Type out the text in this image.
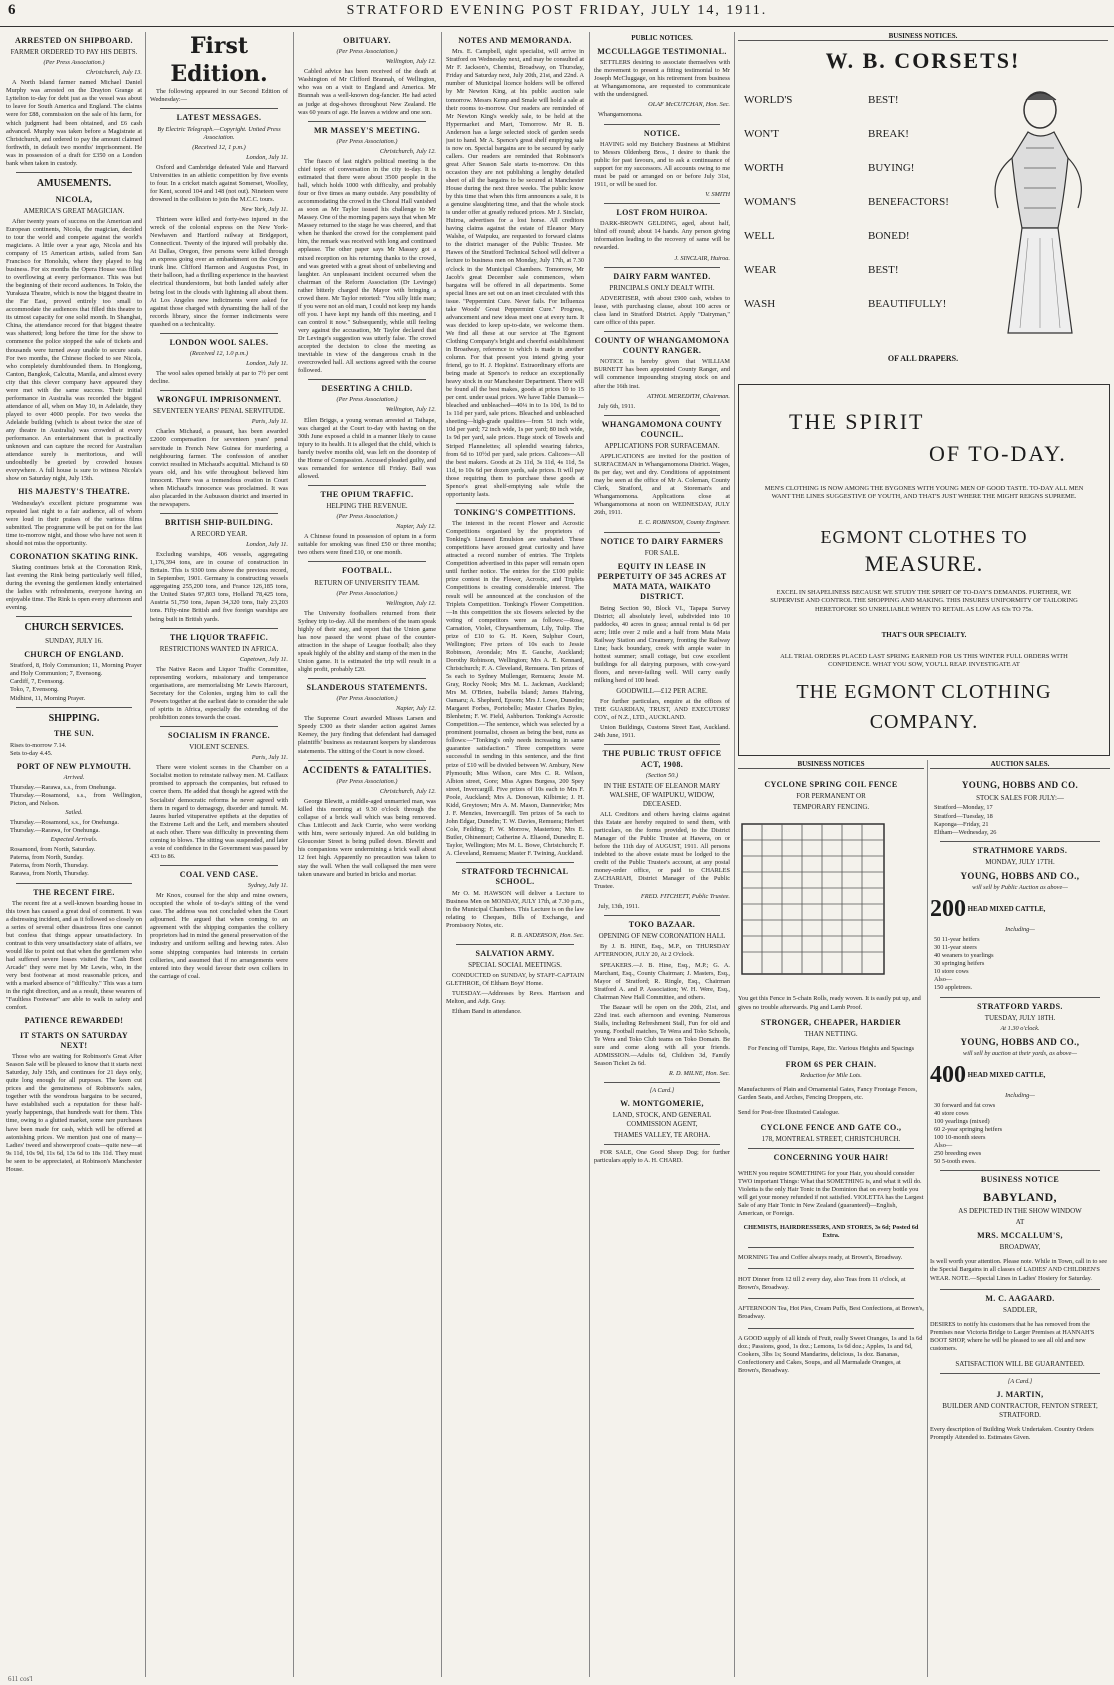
6	STRATFORD EVENING POST FRIDAY, JULY 14, 1911.
ARRESTED ON SHIPBOARD.
FARMER ORDERED TO PAY HIS DEBTS.
(Per Press Association.)
Christchurch, July 13.

A North Island farmer named Michael Daniel Murphy was arrested on the Drayton Grange at Lyttelton to-day for debt just as the vessel was about to leave for South America and England. The claims were for £88, commission on the sale of his farm, for which judgment had been obtained, and £6 cash advanced. Murphy was taken before a Magistrate at Christchurch, and ordered to pay the amount claimed forthwith, in default two months' imprisonment. He was in possession of a draft for £350 on a London bank when taken in custody.

AMUSEMENTS.
NICOLA,
AMERICA'S GREAT MAGICIAN.

After twenty years of success on the American and European continents, Nicola, the magician, decided to tour the world and compete against the world's magicians. A little over a year ago, Nicola and his company of 15 American artists, sailed from San Francisco for Honolulu, where they played to big business. For six months the Opera House was filled to overflowing at every performance. This was but the beginning of their record audiences. In Tokio, the Yurakaza Theatre, which is now the biggest theatre in the Far East, proved entirely too small to accommodate the audiences that filled this theatre to its utmost capacity for one solid month. In Shanghai, China, the attendance record for that biggest theatre was shattered; long before the time for the show to commence the police stopped the sale of tickets and thousands were turned away unable to secure seats. For two months, the Chinese flocked to see Nicola, who completely dumbfounded them. In Hongkong, Canton, Bangkok, Calcutta, Manila, and almost every city that this clever company have appeared they were met with the same success. Their initial performance in Australia was recorded the biggest attendance of all, when on May 10, in Adelaide, they played to over 4000 people. For two weeks the Adelaide building (which is about twice the size of any theatre in Australia) was crowded at every performance. An entertainment that is practically unknown and can capture the record for Australian attendance surely is meritorious, and will undoubtedly be greeted by crowded houses everywhere. A full house is sure to witness Nicola's show on Saturday night, July 15th.

HIS MAJESTY'S THEATRE.

Wednesday's excellent picture programme was repeated last night to a fair audience, all of whom were loud in their praises of the various films submitted. The programme will be put on for the last time to-morrow night, and those who have not seen it should not miss the opportunity.

CORONATION SKATING RINK.

Skating continues brisk at the Coronation Rink, last evening the Rink being particularly well filled, during the evening the gentlemen kindly entertained the ladies with refreshments, everyone having an enjoyable time. The Rink is open every afternoon and evening.

CHURCH SERVICES.
SUNDAY, JULY 16.
CHURCH OF ENGLAND.
Stratford, 8, Holy Communion; 11, Morning Prayer and Holy Communion; 7, Evensong.
Cardiff, 7, Evensong.
Toko, 7, Evensong.
Midhirst, 11, Morning Prayer.
SHIPPING.
THE SUN.
Rises to-morrow 7.14.
Sets to-day 4.45.
PORT OF NEW PLYMOUTH.
Arrived.
Thursday.—Rarawa, s.s., from Onehunga.
Thursday.—Rosamond, s.s., from Wellington, Picton, and Nelson.
Sailed.
Thursday.—Rosamond, s.s., for Onehunga.
Thursday.—Rarawa, for Onehunga.
Expected Arrivals.
Rosamond, from North, Saturday.
Paterna, from North, Sunday.
Paterna, from North, Thursday.
Rarawa, from North, Thursday.
THE RECENT FIRE.

The recent fire at a well-known boarding house in this town has caused a great deal of comment. It was a distressing incident, and as it followed so closely on a series of several other disastrous fires one cannot but confess that things appear unsatisfactory. In contrast to this very unsatisfactory state of affairs, we would like to point out that when the gentlemen who had suffered severe losses visited the "Cash Boot Arcade" they were met by Mr Lewis, who, in the very best footwear at most reasonable prices, and with a marked absence of "difficulty." This was a turn in the right direction, and as a result, these wearers of "Faultless Footwear" are able to walk in safety and comfort.

PATIENCE REWARDED!
IT STARTS ON SATURDAY NEXT!

Those who are waiting for Robinson's Great After Season Sale will be pleased to know that it starts next Saturday, July 15th, and continues for 21 days only, quite long enough for all purposes. The keen cut prices and the genuineness of Robinson's sales, together with the wondrous bargains to be secured, have established such a reputation for these half-yearly happenings, that hundreds wait for them. This time, owing to a glutted market, some rare purchases have been made for cash, which will be offered at astonishing prices. We mention just one of many—Ladies' tweed and showerproof coats—quite new—at 9s 11d, 10s 9d, 11s 6d, 13s 6d to 18s 11d. They must be seen to be appreciated, at Robinson's Manchester House.

First Edition.

The following appeared in our Second Edition of Wednesday:—

LATEST MESSAGES.
By Electric Telegraph.—Copyright. United Press Association.
(Received 12, 1 p.m.)
London, July 11.

Oxford and Cambridge defeated Yale and Harvard Universities in an athletic competition by five events to four. In a cricket match against Somerset, Woolley, for Kent, scored 104 and 148 (not out). Nineteen were drowned in the collision to join the M.C.C. tours.

New York, July 11.

Thirteen were killed and forty-two injured in the wreck of the colonial express on the New York-Newhaven and Hartford railway at Bridgeport, Connecticut. Twenty of the injured will probably die. At Dallas, Oregon, five persons were killed through an express going over an embankment on the Oregon trunk line. Clifford Harmon and Augustus Post, in their balloon, had a thrilling experience in the heaviest electrical thunderstorm, but both landed safely after being lost in the clouds with lightning all about them. At Los Angeles new indictments were asked for against those charged with dynamiting the hall of the records library, since the former indictments were quashed on a technicality.

LONDON WOOL SALES.
(Received 12, 1.0 p.m.)
London, July 11.

The wool sales opened briskly at par to 7½ per cent decline.

WRONGFUL IMPRISONMENT.
SEVENTEEN YEARS' PENAL SERVITUDE.
Paris, July 11.

Charles Michaud, a peasant, has been awarded £2000 compensation for seventeen years' penal servitude in French New Guinea for murdering a neighbouring farmer. The confession of another convict resulted in Michaud's acquittal. Michaud is 60 years old, and his wife throughout believed him innocent. There was a tremendous ovation in Court when Michaud's innocence was proclaimed. It was also placarded in the Aubusson district and inserted in the newspapers.

BRITISH SHIP-BUILDING.
A RECORD YEAR.
London, July 11.

Excluding warships, 406 vessels, aggregating 1,176,394 tons, are in course of construction in Britain. This is 9300 tons above the previous record, in September, 1901. Germany is constructing vessels aggregating 255,200 tons, and France 126,185 tons, the United States 97,803 tons, Holland 78,425 tons, Austria 51,750 tons, Japan 34,320 tons, Italy 23,203 tons. Fifty-nine British and five foreign warships are being built in British yards.

THE LIQUOR TRAFFIC.
RESTRICTIONS WANTED IN AFRICA.
Capetown, July 11.

The Native Races and Liquor Traffic Committee, representing workers, missionary and temperance organisations, are memorialising Mr Lewis Harcourt, Secretary for the Colonies, urging him to call the Powers together at the earliest date to consider the sale of spirits in Africa, especially the extending of the prohibition zones towards the coast.

SOCIALISM IN FRANCE.
VIOLENT SCENES.
Paris, July 11.

There were violent scenes in the Chamber on a Socialist motion to reinstate railway men. M. Caillaux promised to approach the companies, but refused to coerce them. He added that though he agreed with the Socialists' democratic reforms he never agreed with them in regard to demagogy, disorder and tumult. M. Jaures hurled vituperative epithets at the deputies of the Extreme Left and the Left, and members shouted at each other. There was difficulty in preventing them coming to blows. The sitting was suspended, and later a vote of confidence in the Government was passed by 433 to 86.

COAL VEND CASE.
Sydney, July 11.

Mr Knox, counsel for the ship and mine owners, occupied the whole of to-day's sitting of the vend case. The address was not concluded when the Court adjourned. He argued that when coming to an agreement with the shipping companies the colliery proprietors had in mind the general preservation of the industry and uniform selling and hewing rates. Also some shipping companies had interests in certain collieries, and assumed that if no arrangements were entered into they would favour their own colliers in the carriage of coal.

OBITUARY.
(Per Press Association.)
Wellington, July 12.

Cabled advice has been received of the death at Washington of Mr Clifford Brannah, of Wellington, who was on a visit to England and America. Mr Brannah was a well-known dog-fancier. He had acted as judge at dog-shows throughout New Zealand. He was 60 years of age. He leaves a widow and one son.

MR MASSEY'S MEETING.
(Per Press Association.)
Christchurch, July 12.

The fiasco of last night's political meeting is the chief topic of conversation in the city to-day. It is estimated that there were about 3500 people in the hall, which holds 1000 with difficulty, and probably four or five times as many outside. Any possibility of accommodating the crowd in the Choral Hall vanished as soon as Mr Taylor issued his challenge to Mr Massey. One of the morning papers says that when Mr Massey returned to the stage he was cheered, and that when he thanked the crowd for the complement paid him, the remark was received with long and continued applause. The other paper says Mr Massey got a mixed reception on his returning thanks to the crowd, and was greeted with a great shout of unbelieving and laughter. An unpleasant incident occurred when the chairman of the Reform Association (Dr Levinge) rather bitterly charged the Mayor with bringing a crowd there. Mr Taylor retorted: "You silly little man; if you were not an old man, I could not keep my hands off you. I have kept my hands off this meeting, and I can control it now." Subsequently, while still feeling very against the accusation, Mr Taylor declared that Dr Levinge's suggestion was utterly false. The crowd accepted the decision to close the meeting as inevitable in view of the dangerous crush in the overcrowded hall. All sections agreed with the course followed.

DESERTING A CHILD.
(Per Press Association.)
Wellington, July 12.

Ellen Briggs, a young woman arrested at Taihape, was charged at the Court to-day with having on the 30th June exposed a child in a manner likely to cause injury to its health. It is alleged that the child, which is barely twelve months old, was left on the doorstep of the Home of Compassion. Accused pleaded guilty, and was remanded for sentence till Friday. Bail was allowed.

THE OPIUM TRAFFIC.
HELPING THE REVENUE.
(Per Press Association.)
Napier, July 12.

A Chinese found in possession of opium in a form suitable for smoking was fined £50 or three months; two others were fined £10, or one month.

FOOTBALL.
RETURN OF UNIVERSITY TEAM.
(Per Press Association.)
Wellington, July 12.

The University footballers returned from their Sydney trip to-day. All the members of the team speak highly of their stay, and report that the Union game has now passed the worst phase of the counter-attraction in the shape of League football; also they speak highly of the ability and stamp of the men in the Union game. It is estimated the trip will result in a slight profit, probably £20.

SLANDEROUS STATEMENTS.
(Per Press Association.)
Napier, July 12.

The Supreme Court awarded Misses Larsen and Speedy £300 as their slander action against James Keeney, the jury finding that defendant had damaged plaintiffs' business as restaurant keepers by slanderous statements. The sitting of the Court is now closed.

ACCIDENTS & FATALITIES.
(Per Press Association.)
Christchurch, July 12.

George Blewitt, a middle-aged unmarried man, was killed this morning at 9.30 o'clock through the collapse of a brick wall which was being removed. Chas Littlecott and Jack Currie, who were working with him, were seriously injured. An old building in Gloucester Street is being pulled down. Blewitt and his companions were undermining a brick wall about 12 feet high. Apparently no precaution was taken to stay the wall. When the wall collapsed the men were taken unaware and buried in bricks and mortar.

NOTES AND MEMORANDA.

Mrs. E. Campbell, sight specialist, will arrive in Stratford on Wednesday next, and may be consulted at Mr F. Jackson's, Chemist, Broadway, on Thursday, Friday and Saturday next, July 20th, 21st, and 22nd. A number of Municipal licence holders will be offered by Mr Newton King, at his public auction sale tomorrow. Messrs Kemp and Smale will hold a sale at their rooms to-morrow. Our readers are reminded of Mr Newton King's weekly sale, to be held at the Hypermarket and Mart, Tomorrow. Mr R. B. Anderson has a large selected stock of garden seeds just to hand. Mr A. Spence's great shelf emptying sale is now on. Special bargains are to be secured by early callers. Our readers are reminded that Robinson's great After Season Sale starts to-morrow. On this occasion they are not publishing a lengthy detailed sheet of all the bargains to be secured at Manchester House during the next three weeks. The public know by this time that when this firm announces a sale, it is a genuine slaughtering time, and that the whole stock is under offer at greatly reduced prices. Mr J. Sinclair, Huiroa, advertises for a lost horse. All creditors having claims against the estate of Eleanor Mary Walshe, of Waipuku, are requested to forward claims to the district manager of the Public Trustee. Mr Hawes of the Stratford Technical School will deliver a lecture to business men on Monday, July 17th, at 7.30 o'clock in the Municipal Chambers. Tomorrow, Mr Jacob's great December sale commences, when bargains will be offered in all departments. Some special lines are set out on an inset circulated with this issue. "Peppermint Cure. Never fails. For Influenza take Woods' Great Peppermint Cure." Progress, advancement and new ideas meet one at every turn. It was decided to keep up-to-date, we welcome them. We find all these at our service at The Egmont Clothing Company's bright and cheerful establishment in Broadway, reference to which is made in another column. For that present you intend giving your friend, go to H. J. Hopkins'. Extraordinary efforts are being made at Spence's to reduce an exceptionally heavy stock in our Manchester Department. There will be found all the best makes, goods at prices 10 to 15 per cent. under usual prices. We have Table Damask—bleached and unbleached—40¼ in to 1s 10d, 1s 8d to 1s 11d per yard, sale prices. Bleached and unbleached sheeting—high-grade qualities—from 51 inch wide, 10d per yard; 72 inch wide, 1s per yard; 80 inch wide, 1s 9d per yard, sale prices. Huge stock of Towels and Striped Flannelettes; all splendid wearing fabrics, from 6d to 10½d per yard, sale prices. Calicoes—All the best makers. Goods at 2s 11d, 3s 11d, 4s 11d, 5s 11d, to 10s 6d per dozen yards, sale prices. It will pay those requiring them to purchase these goods at Spence's great shelf-emptying sale while the opportunity lasts.

TONKING'S COMPETITIONS.

The interest in the recent Flower and Acrostic Competitions organised by the proprietors of Tonking's Linseed Emulsion are unabated. These competitions have aroused great curiosity and have attracted a record number of entries. The Triplets Competition advertised in this paper will remain open until further notice. The entries for the £100 public prize contest in the Flower, Acrostic, and Triplets Competitions is creating considerable interest. The result will be announced at the conclusion of the Triplets Competition. Tonking's Flower Competition.—In this competition the six flowers selected by the voting of competitors were as follows:—Rose, Carnation, Violet, Chrysanthemum, Lily, Tulip. The prize of £10 to G. H. Keen, Sulphur Court, Wellington; Five prizes of 10s each to Jessie Robinson, Avondale; Mrs E. Gauche, Auckland; Dorothy Robinson, Wellington; Mrs A. E. Kennard, Christchurch; F. A. Cleveland, Remuera. Ten prizes of 5s each to Sydney Mullenger, Remuera; Jessie M. Gray, Rocky Nook; Mrs M. L. Jackman, Auckland; Mrs M. O'Brien, Isabella Island; James Halving, Oamaru; A. Shepherd, Epsom; Mrs J. Lowe, Dunedin; Margaret Forbes, Portobello; Master Charles Byles, Blenheim; F. W. Field, Ashburton. Tonking's Acrostic Competition.—The sentence, which was selected by a prominent journalist, chosen as being the best, runs as follows:—"Tonking's only needs increasing in same guarantee satisfaction." Three competitors were successful in sending in this sentence, and the first prize of £10 will be divided between W. Ambury, New Plymouth; Miss Wilson, care Mrs C. R. Wilson, Albion street, Gore; Miss Agnes Burgess, 200 Spey street, Invercargill. Five prizes of 10s each to Mrs F. Poole, Auckland; Mrs A. Donovan, Kilbirnie; J. H. Kidd, Greytown; Mrs A. M. Mason, Dannevirke; Mrs J. F. Menzies, Invercargill. Ten prizes of 5s each to John Edgar, Dunedin; T. W. Davies, Remuera; Herbert Cole, Feilding; F. W. Morrow, Masterton; Mrs E. Butler, Ohinemuri; Catherine A. Eliaond, Dunedin; E. Taylor, Wellington; Mrs M. L. Bowe, Christchurch; F. A. Cleveland, Remuera; Master F. Twining, Auckland.

STRATFORD TECHNICAL SCHOOL.

Mr O. M. HAWSON will deliver a Lecture to Business Men on MONDAY, JULY 17th, at 7.30 p.m., in the Municipal Chambers. This Lecture is on the law relating to Cheques, Bills of Exchange, and Promissory Notes, etc.

R. B. ANDERSON, Hon. Sec.
SALVATION ARMY.
SPECIAL SOCIAL MEETINGS.

CONDUCTED on SUNDAY, by STAFF-CAPTAIN GLETHROE, Of Eltham Boys' Home.

TUESDAY.—Addresses by Revs. Harrison and Melton, and Adjt. Gray.

Eltham Band in attendance.

PUBLIC NOTICES.
MCCULLAGGE TESTIMONIAL.

SETTLERS desiring to associate themselves with the movement to present a fitting testimonial to Mr Joseph McCluggage, on his retirement from business at Whangamomona, are requested to communicate with the undersigned.

OLAF McCUTCHAN, Hon. Sec.
Whangamomona.
NOTICE.

HAVING sold my Butchery Business at Midhirst to Messrs Oldenberg Bros., I desire to thank the public for past favours, and to ask a continuance of support for my successors. All accounts owing to me must be paid or arranged on or before July 31st, 1911, or will be sued for.

V. SMITH
LOST FROM HUIROA.

DARK-BROWN GELDING, aged, about half, blind off round; about 14 hands. Any person giving information leading to the recovery of same will be rewarded.

J. SINCLAIR, Huiroa.
DAIRY FARM WANTED.
PRINCIPALS ONLY DEALT WITH.

ADVERTISER, with about £900 cash, wishes to lease, with purchasing clause, about 100 acres or class land in Stratford District. Apply "Dairyman," care office of this paper.

COUNTY OF WHANGAMOMONA COUNTY RANGER.

NOTICE is hereby given that WILLIAM BURNETT has been appointed County Ranger, and will commence impounding straying stock on and after the 16th inst.

ATHOL MEREDITH, Chairman.
July 6th, 1911.
WHANGAMOMONA COUNTY COUNCIL.
APPLICATIONS FOR SURFACEMAN.

APPLICATIONS are invited for the position of SURFACEMAN in Whangamomona District. Wages, 8s per day, wet and dry. Conditions of appointment may be seen at the office of Mr A. Coleman, County Clerk, Stratford, and at Storeman's and Whangamomona. Applications close at Whangamomona at noon on WEDNESDAY, JULY 26th, 1911.

E. C. ROBINSON, County Engineer.
NOTICE TO DAIRY FARMERS
FOR SALE.
EQUITY IN LEASE IN PERPETUITY OF 345 ACRES AT MATA MATA, WAIKATO DISTRICT.

Being Section 90, Block VI., Tapapa Survey District; all absolutely level, subdivided into 10 paddocks, 40 acres in grass; annual rental is 6d per acre; little over 2 mile and a half from Mata Mata Railway Station and Creamery, fronting the Railway Line; back boundary, creek with ample water in hottest summer; small cottage, but cow excellent buildings for all dairying purposes, with cow-yard floors, and never-failing well. Will carry easily milking herd of 100 head.

GOODWILL—£12 PER ACRE.

For further particulars, enquire at the offices of THE GUARDIAN, TRUST, AND EXECUTORS' COY., of N.Z., LTD., AUCKLAND.

Union Buildings, Customs Street East, Auckland. 24th June, 1911.

THE PUBLIC TRUST OFFICE ACT, 1908.
(Section 50.)
IN THE ESTATE OF ELEANOR MARY WALSHE, OF WAIPUKU, WIDOW, DECEASED.

ALL Creditors and others having claims against this Estate are hereby required to send them, with particulars, on the forms provided, to the District Manager of the Public Trustee at Hawera, on or before the 11th day of AUGUST, 1911. All persons indebted to the above estate must be lodged to the credit of the Public Trustee's account, at any postal money-order office, or paid to CHARLES ZACHARIAH, District Manager of the Public Trustee.

FRED. FITCHETT, Public Trustee.
July, 13th, 1911.
TOKO BAZAAR.
OPENING OF NEW CORONATION HALL

By J. B. HINE, Esq., M.P., on THURSDAY AFTERNOON, JULY 20, At 2 O'clock.

SPEAKERS.—J. B. Hine, Esq., M.P.; G. A. Marchant, Esq., County Chairman; J. Masters, Esq., Mayor of Stratford; R. Ringle, Esq., Chairman Stratford A. and P. Association; W. H. Were, Esq., Chairman New Hall Committee, and others.

The Bazaar will be open on the 20th, 21st, and 22nd inst. each afternoon and evening. Numerous Stalls, including Refreshment Stall, Fun for old and young. Football matches, Te Wera and Toko Schools, Te Wera and Toko Club teams on Toko Domain. Be sure and come along with all your friends. ADMISSION.—Adults 6d, Children 3d, Family Season Ticket 2s 6d.

R. D. MILNE, Hon. Sec.
[A Card.]
W. MONTGOMERIE,
LAND, STOCK, AND GENERAL COMMISSION AGENT,
THAMES VALLEY, TE AROHA.

FOR SALE, One Good Sheep Dog; for further particulars apply to A. H. CHARD.

BUSINESS NOTICES.
W. B. CORSETS!
WORLD'S	BEST!
WON'T	BREAK!
WORTH	BUYING!
WOMAN'S	BENEFACTORS!
WELL	BONED!
WEAR	BEST!
WASH	BEAUTIFULLY!
OF ALL DRAPERS.
THE SPIRIT
OF TO-DAY.
MEN'S CLOTHING IS NOW AMONG THE BYGONES WITH YOUNG MEN OF GOOD TASTE. TO-DAY ALL MEN WANT THE LINES SUGGESTIVE OF YOUTH, AND THAT'S JUST WHERE THE MIGHT REIGNS SUPREME.
EGMONT CLOTHES TO
MEASURE.
EXCEL IN SHAPELINESS BECAUSE WE STUDY THE SPIRIT OF TO-DAY'S DEMANDS. FURTHER, WE SUPERVISE AND CONTROL THE SHOPPING AND MAKING. THIS INSURES UNIFORMITY OF TAILORING HERETOFORE SO UNRELIABLE WHEN TO RETAIL AS LOW AS 63s TO 75s.
THAT'S OUR SPECIALTY.
ALL TRIAL ORDERS PLACED LAST SPRING EARNED FOR US THIS WINTER FULL ORDERS WITH CONFIDENCE. WHAT YOU SOW, YOU'LL REAP. INVESTIGATE AT
THE EGMONT CLOTHING
COMPANY.
BUSINESS NOTICES	AUCTION SALES.
CYCLONE SPRING COIL FENCE
FOR PERMANENT OR
TEMPORARY FENCING.

You get this Fence in 5-chain Rolls, ready woven. It is easily put up, and gives no trouble afterwards. Pig and Lamb Proof.

STRONGER, CHEAPER, HARDIER
THAN NETTING.

For Fencing off Turnips, Rape, Etc. Various Heights and Spacings

FROM 6S PER CHAIN.
Reduction for Mile Lots.

Manufacturers of Plain and Ornamental Gates, Fancy Frontage Fences, Garden Seats, and Arches, Fencing Droppers, etc.

Send for Post-free Illustrated Catalogue.

CYCLONE FENCE AND GATE CO.,
178, MONTREAL STREET, CHRISTCHURCH.
CONCERNING YOUR HAIR!

WHEN you require SOMETHING for your Hair, you should consider TWO important Things: What that SOMETHING is, and what it will do. Violetta is the only Hair Tonic in the Dominion that on every bottle you will get your money refunded if not satisfied. VIOLETTA has the Largest Sale of any Hair Tonic in New Zealand (guaranteed)—English, American, or Foreign.

CHEMISTS, HAIRDRESSERS, AND STORES, 3s 6d; Posted 6d Extra.

MORNING Tea and Coffee always ready, at Brown's, Broadway.

HOT Dinner from 12 till 2 every day, also Teas from 11 o'clock, at Brown's, Broadway.

AFTERNOON Tea, Hot Pies, Cream Puffs, Best Confections, at Brown's, Broadway.

A GOOD supply of all kinds of Fruit, really Sweet Oranges, 1s and 1s 6d doz.; Passions, good, 1s doz.; Lemons, 1s 6d doz.; Apples, 1s and 6d, Cookers, 3lbs 1s; Sound Mandarins, delicious, 1s doz. Bananas, Confectionery and Cakes, Soups, and all Marmalade Oranges, at Brown's, Broadway.

YOUNG, HOBBS AND CO.
STOCK SALES FOR JULY:—
Stratford—Monday, 17
Stratford—Tuesday, 18
Kaponga—Friday, 21
Eltham—Wednesday, 26
STRATHMORE YARDS.
MONDAY, JULY 17TH.
YOUNG, HOBBS AND CO.,
will sell by Public Auction as above—
200 HEAD MIXED CATTLE,
Including—
50 11-year heifers
30 11-year steers
40 weaners to yearlings
30 springing heifers
10 store cows
Also—
150 appletrees.
STRATFORD YARDS.
TUESDAY, JULY 18TH.
At 1.30 o'clock.
YOUNG, HOBBS AND CO.,
will sell by auction at their yards, as above—
400 HEAD MIXED CATTLE,
Including—
30 forward and fat cows
40 store cows
100 yearlings (mixed)
60 2-year springing heifers
100 10-month steers
Also—
250 breeding ewes
50 5-tooth ewes.
BUSINESS NOTICE
BABYLAND,
AS DEPICTED IN THE SHOW WINDOW
AT
MRS. MCCALLUM'S,
BROADWAY,

Is well worth your attention. Please note. While in Town, call in to see the Special Bargains in all classes of LADIES' AND CHILDREN'S WEAR. NOTE.—Special Lines in Ladies' Hosiery for Saturday.

M. C. AAGAARD.
SADDLER,

DESIRES to notify his customers that he has removed from the Premises near Victoria Bridge to Larger Premises at HANNAH'S BOOT SHOP, where he will be pleased to see all old and new customers.

SATISFACTION WILL BE GUARANTEED.
[A Card.]
J. MARTIN,
BUILDER AND CONTRACTOR, FENTON STREET, STRATFORD.

Every description of Building Work Undertaken. Country Orders Promptly Attended to. Estimates Given.

611 cos'l
